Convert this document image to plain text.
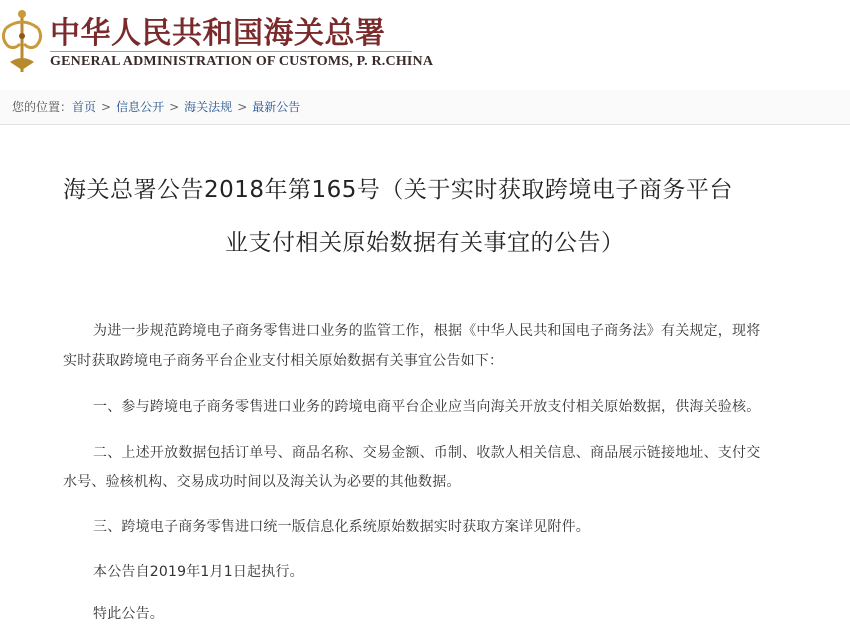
中华人民共和国海关总署
GENERAL ADMINISTRATION OF CUSTOMS, P. R.CHINA
您的位置：首页 > 信息公开 > 海关法规 > 最新公告
海关总署公告2018年第165号（关于实时获取跨境电子商务平台
业支付相关原始数据有关事宜的公告）
为进一步规范跨境电子商务零售进口业务的监管工作，根据《中华人民共和国电子商务法》有关规定，现将
实时获取跨境电子商务平台企业支付相关原始数据有关事宜公告如下：
一、参与跨境电子商务零售进口业务的跨境电商平台企业应当向海关开放支付相关原始数据，供海关验核。
二、上述开放数据包括订单号、商品名称、交易金额、币制、收款人相关信息、商品展示链接地址、支付交
水号、验核机构、交易成功时间以及海关认为必要的其他数据。
三、跨境电子商务零售进口统一版信息化系统原始数据实时获取方案详见附件。
本公告自2019年1月1日起执行。
特此公告。
